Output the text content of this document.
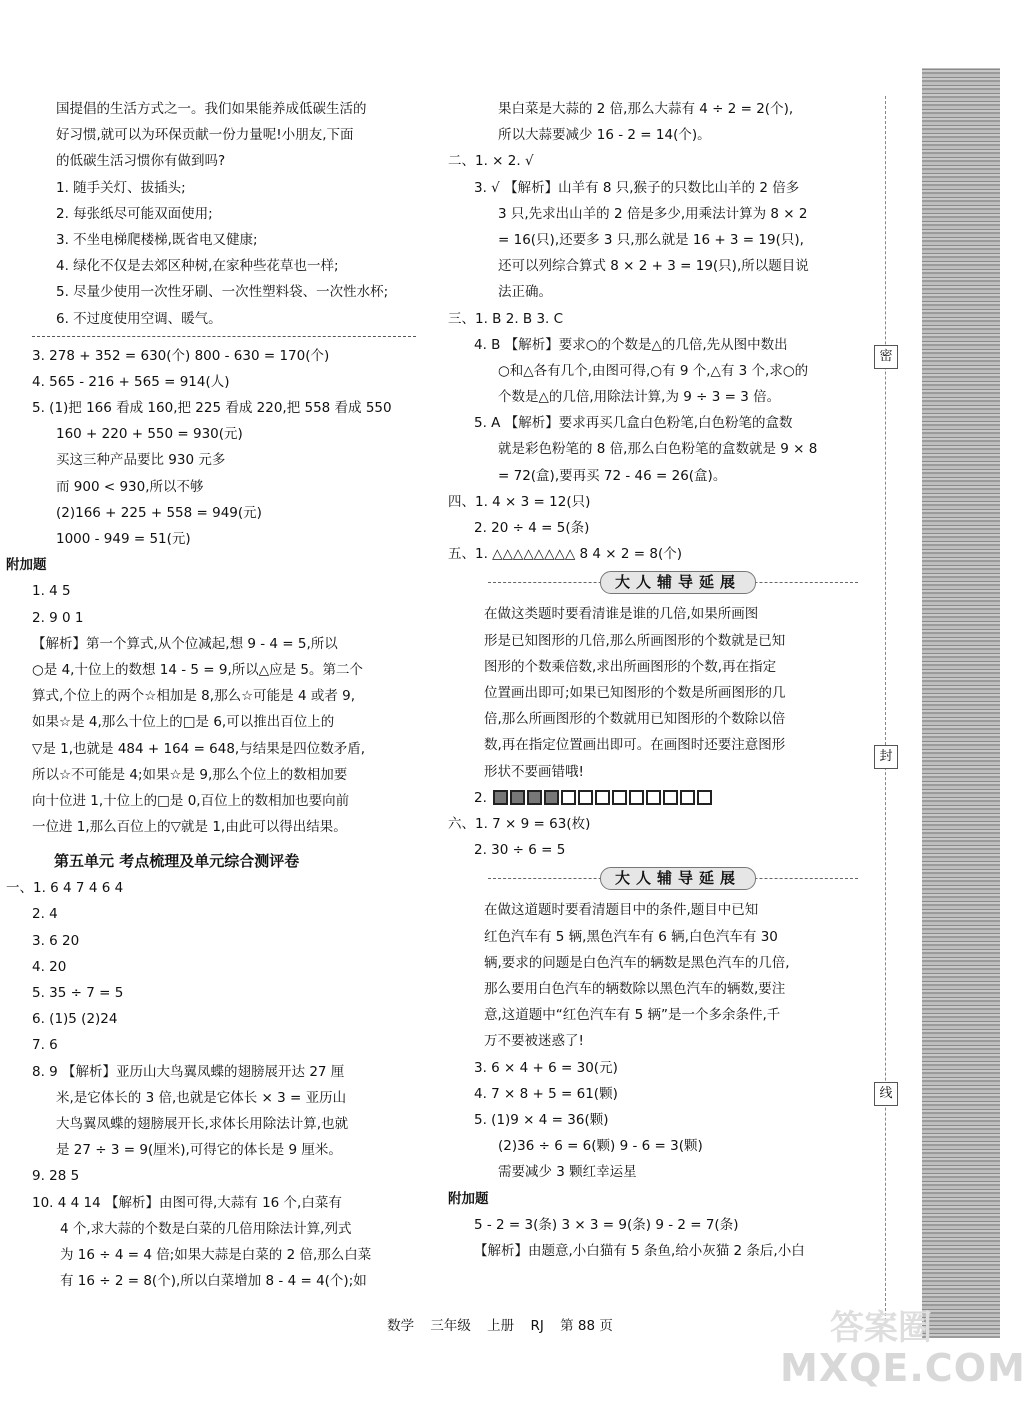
国提倡的生活方式之一。我们如果能养成低碳生活的
好习惯,就可以为环保贡献一份力量呢!小朋友,下面
的低碳生活习惯你有做到吗?
1. 随手关灯、拔插头;
2. 每张纸尽可能双面使用;
3. 不坐电梯爬楼梯,既省电又健康;
4. 绿化不仅是去郊区种树,在家种些花草也一样;
5. 尽量少使用一次性牙刷、一次性塑料袋、一次性水杯;
6. 不过度使用空调、暖气。
3. 278 + 352 = 630(个) 800 - 630 = 170(个)
4. 565 - 216 + 565 = 914(人)
5. (1)把 166 看成 160,把 225 看成 220,把 558 看成 550
160 + 220 + 550 = 930(元)
买这三种产品要比 930 元多
而 900 < 930,所以不够
(2)166 + 225 + 558 = 949(元)
1000 - 949 = 51(元)
附加题
1. 4 5
2. 9 0 1
【解析】第一个算式,从个位减起,想 9 - 4 = 5,所以
○是 4,十位上的数想 14 - 5 = 9,所以△应是 5。第二个
算式,个位上的两个☆相加是 8,那么☆可能是 4 或者 9,
如果☆是 4,那么十位上的□是 6,可以推出百位上的
▽是 1,也就是 484 + 164 = 648,与结果是四位数矛盾,
所以☆不可能是 4;如果☆是 9,那么个位上的数相加要
向十位进 1,十位上的□是 0,百位上的数相加也要向前
一位进 1,那么百位上的▽就是 1,由此可以得出结果。
第五单元 考点梳理及单元综合测评卷
一、1. 6 4 7 4 6 4
2. 4
3. 6 20
4. 20
5. 35 ÷ 7 = 5
6. (1)5 (2)24
7. 6
8. 9 【解析】亚历山大鸟翼凤蝶的翅膀展开达 27 厘
米,是它体长的 3 倍,也就是它体长 × 3 = 亚历山
大鸟翼凤蝶的翅膀展开长,求体长用除法计算,也就
是 27 ÷ 3 = 9(厘米),可得它的体长是 9 厘米。
9. 28 5
10. 4 4 14 【解析】由图可得,大蒜有 16 个,白菜有
4 个,求大蒜的个数是白菜的几倍用除法计算,列式
为 16 ÷ 4 = 4 倍;如果大蒜是白菜的 2 倍,那么白菜
有 16 ÷ 2 = 8(个),所以白菜增加 8 - 4 = 4(个);如
果白菜是大蒜的 2 倍,那么大蒜有 4 ÷ 2 = 2(个),
所以大蒜要减少 16 - 2 = 14(个)。
二、1. × 2. √
3. √ 【解析】山羊有 8 只,猴子的只数比山羊的 2 倍多
3 只,先求出山羊的 2 倍是多少,用乘法计算为 8 × 2
= 16(只),还要多 3 只,那么就是 16 + 3 = 19(只),
还可以列综合算式 8 × 2 + 3 = 19(只),所以题目说
法正确。
三、1. B 2. B 3. C
4. B 【解析】要求○的个数是△的几倍,先从图中数出
○和△各有几个,由图可得,○有 9 个,△有 3 个,求○的
个数是△的几倍,用除法计算,为 9 ÷ 3 = 3 倍。
5. A 【解析】要求再买几盒白色粉笔,白色粉笔的盒数
就是彩色粉笔的 8 倍,那么白色粉笔的盒数就是 9 × 8
= 72(盒),要再买 72 - 46 = 26(盒)。
四、1. 4 × 3 = 12(只)
2. 20 ÷ 4 = 5(条)
五、1. △△△△△△△△ 8 4 × 2 = 8(个)
大人辅导延展
在做这类题时要看清谁是谁的几倍,如果所画图
形是已知图形的几倍,那么所画图形的个数就是已知
图形的个数乘倍数,求出所画图形的个数,再在指定
位置画出即可;如果已知图形的个数是所画图形的几
倍,那么所画图形的个数就用已知图形的个数除以倍
数,再在指定位置画出即可。在画图时还要注意图形
形状不要画错哦!
2.
六、1. 7 × 9 = 63(枚)
2. 30 ÷ 6 = 5
大人辅导延展
在做这道题时要看清题目中的条件,题目中已知
红色汽车有 5 辆,黑色汽车有 6 辆,白色汽车有 30
辆,要求的问题是白色汽车的辆数是黑色汽车的几倍,
那么要用白色汽车的辆数除以黑色汽车的辆数,要注
意,这道题中“红色汽车有 5 辆”是一个多余条件,千
万不要被迷惑了!
3. 6 × 4 + 6 = 30(元)
4. 7 × 8 + 5 = 61(颗)
5. (1)9 × 4 = 36(颗)
(2)36 ÷ 6 = 6(颗) 9 - 6 = 3(颗)
需要减少 3 颗红幸运星
附加题
5 - 2 = 3(条) 3 × 3 = 9(条) 9 - 2 = 7(条)
【解析】由题意,小白猫有 5 条鱼,给小灰猫 2 条后,小白
密
封
线
数学 三年级 上册 RJ 第 88 页	答案圈
MXQE.COM
